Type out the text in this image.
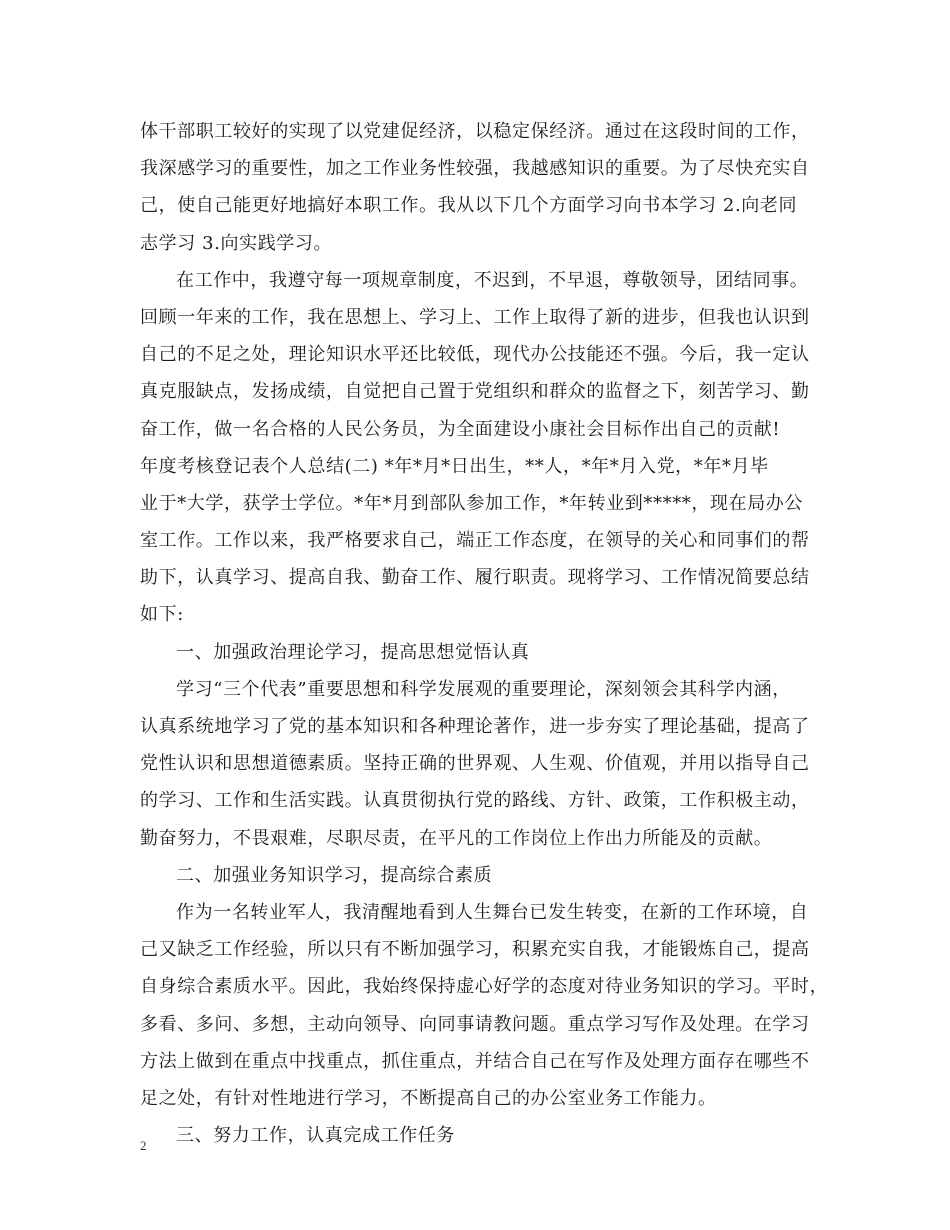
体干部职工较好的实现了以党建促经济，以稳定保经济。通过在这段时间的工作，
我深感学习的重要性，加之工作业务性较强，我越感知识的重要。为了尽快充实自
己，使自己能更好地搞好本职工作。我从以下几个方面学习向书本学习 2.向老同
志学习 3.向实践学习。
在工作中，我遵守每一项规章制度，不迟到，不早退，尊敬领导，团结同事。
回顾一年来的工作，我在思想上、学习上、工作上取得了新的进步，但我也认识到
自己的不足之处，理论知识水平还比较低，现代办公技能还不强。今后，我一定认
真克服缺点，发扬成绩，自觉把自己置于党组织和群众的监督之下，刻苦学习、勤
奋工作，做一名合格的人民公务员，为全面建设小康社会目标作出自己的贡献!
年度考核登记表个人总结(二) *年*月*日出生，**人，*年*月入党，*年*月毕
业于*大学，获学士学位。*年*月到部队参加工作，*年转业到*****，现在局办公
室工作。工作以来，我严格要求自己，端正工作态度，在领导的关心和同事们的帮
助下，认真学习、提高自我、勤奋工作、履行职责。现将学习、工作情况简要总结
如下:
一、加强政治理论学习，提高思想觉悟认真
学习“三个代表”重要思想和科学发展观的重要理论，深刻领会其科学内涵，
认真系统地学习了党的基本知识和各种理论著作，进一步夯实了理论基础，提高了
党性认识和思想道德素质。坚持正确的世界观、人生观、价值观，并用以指导自己
的学习、工作和生活实践。认真贯彻执行党的路线、方针、政策，工作积极主动，
勤奋努力，不畏艰难，尽职尽责，在平凡的工作岗位上作出力所能及的贡献。
二、加强业务知识学习，提高综合素质
作为一名转业军人，我清醒地看到人生舞台已发生转变，在新的工作环境，自
己又缺乏工作经验，所以只有不断加强学习，积累充实自我，才能锻炼自己，提高
自身综合素质水平。因此，我始终保持虚心好学的态度对待业务知识的学习。平时，
多看、多问、多想，主动向领导、向同事请教问题。重点学习写作及处理。在学习
方法上做到在重点中找重点，抓住重点，并结合自己在写作及处理方面存在哪些不
足之处，有针对性地进行学习，不断提高自己的办公室业务工作能力。
三、努力工作，认真完成工作任务
2
